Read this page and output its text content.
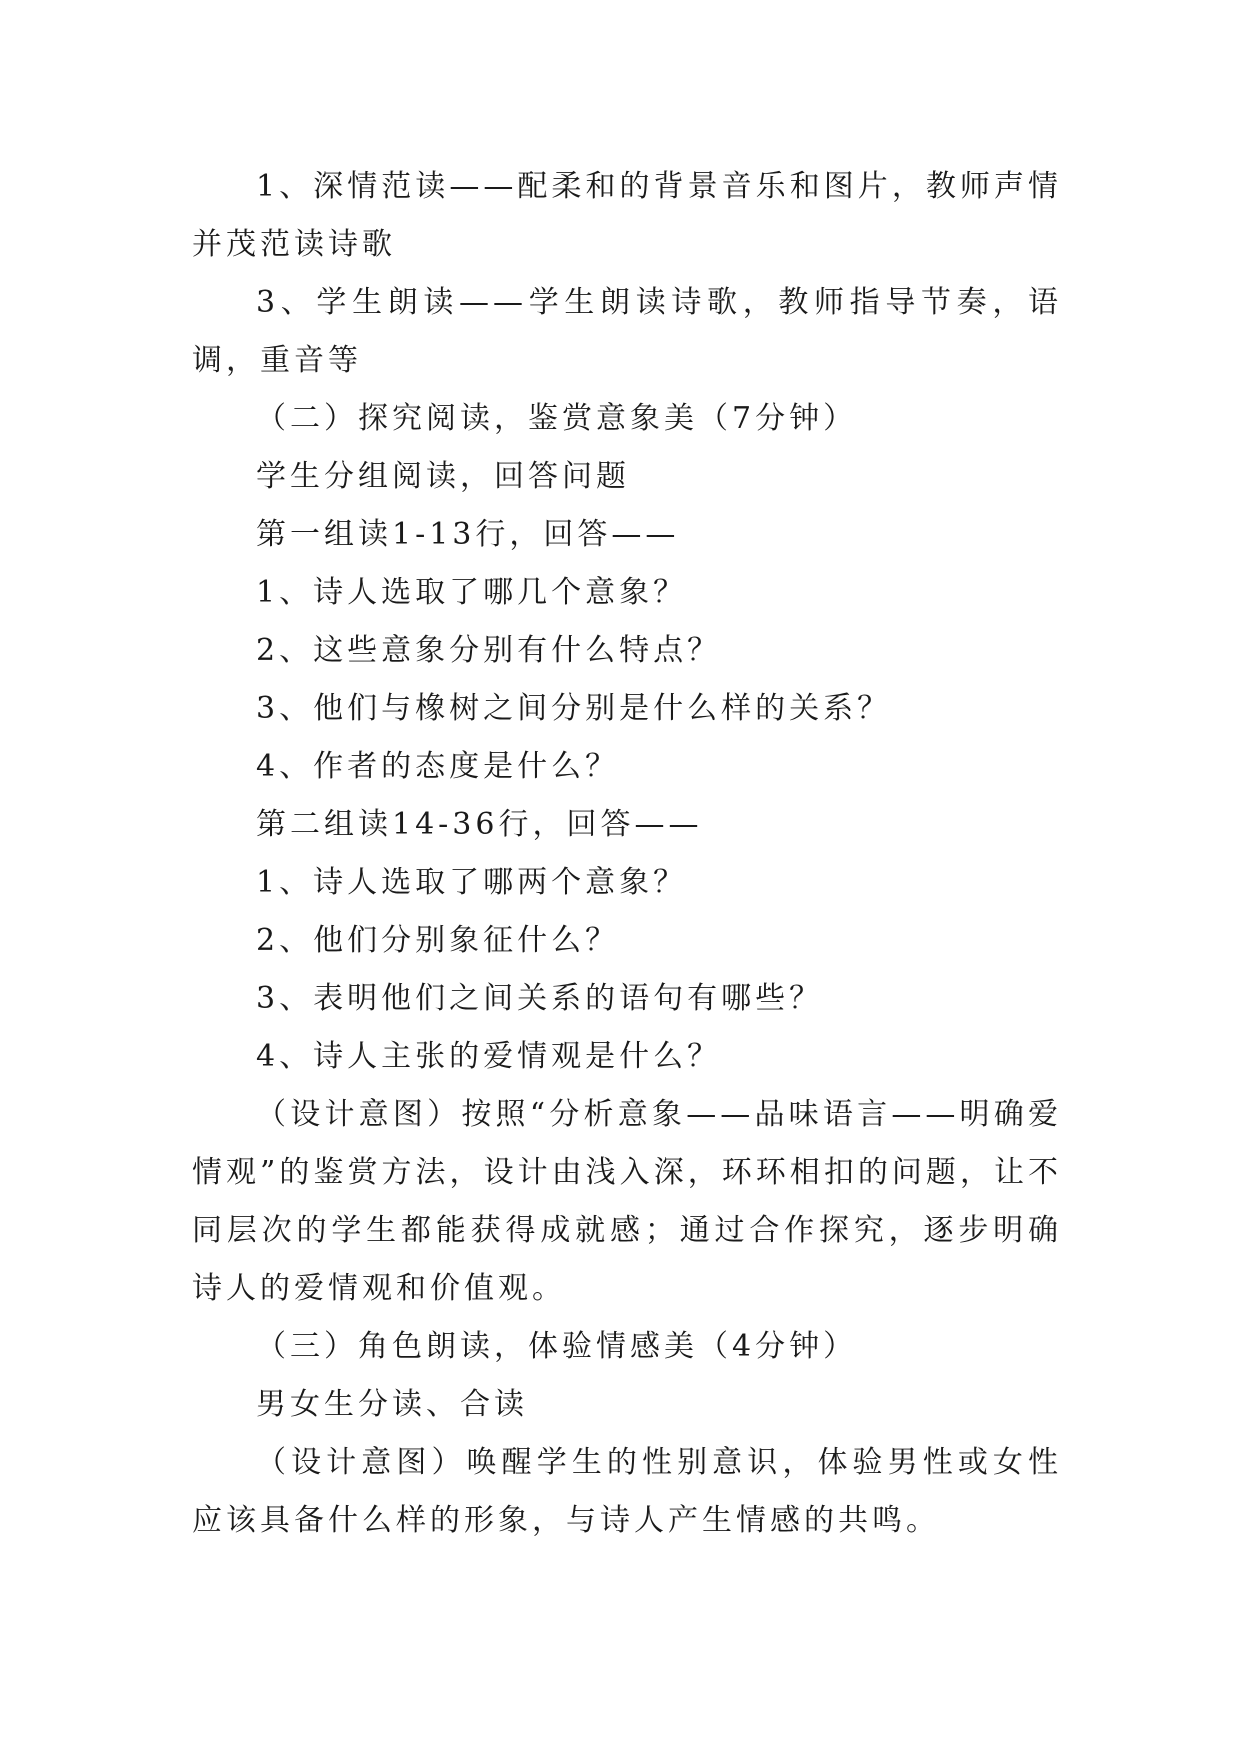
1、深情范读——配柔和的背景音乐和图片，教师声情并茂范读诗歌

3、学生朗读——学生朗读诗歌，教师指导节奏，语调，重音等

（二）探究阅读，鉴赏意象美（7分钟）

学生分组阅读，回答问题

第一组读1-13行，回答——

1、诗人选取了哪几个意象？

2、这些意象分别有什么特点？

3、他们与橡树之间分别是什么样的关系？

4、作者的态度是什么？

第二组读14-36行，回答——

1、诗人选取了哪两个意象？

2、他们分别象征什么？

3、表明他们之间关系的语句有哪些？

4、诗人主张的爱情观是什么？

（设计意图）按照“分析意象——品味语言——明确爱情观”的鉴赏方法，设计由浅入深，环环相扣的问题，让不同层次的学生都能获得成就感；通过合作探究，逐步明确诗人的爱情观和价值观。

（三）角色朗读，体验情感美（4分钟）

男女生分读、合读

（设计意图）唤醒学生的性别意识，体验男性或女性应该具备什么样的形象，与诗人产生情感的共鸣。
